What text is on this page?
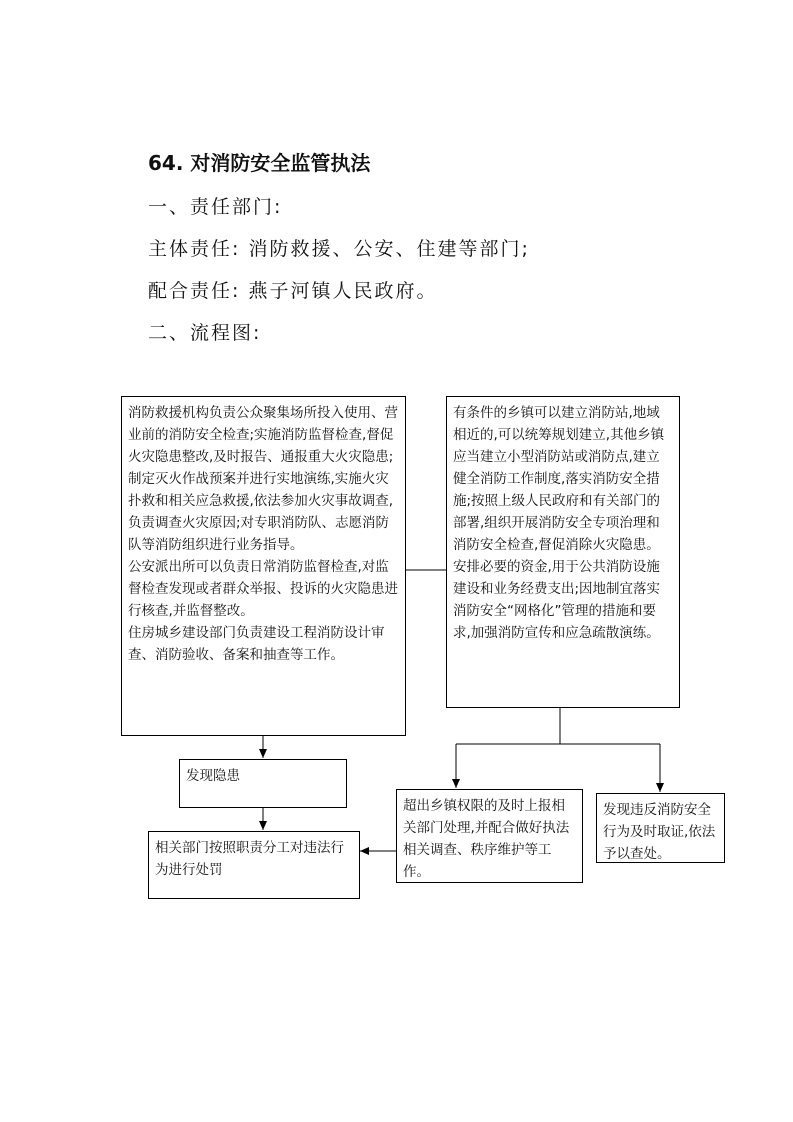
64. 对消防安全监管执法
一、责任部门:
主体责任: 消防救援、公安、住建等部门;
配合责任: 燕子河镇人民政府。
二、流程图:

消防救援机构负责公众聚集场所投入使用、营业前的消防安全检查;实施消防监督检查,督促火灾隐患整改,及时报告、通报重大火灾隐患;制定灭火作战预案并进行实地演练,实施火灾扑救和相关应急救援,依法参加火灾事故调查,负责调查火灾原因;对专职消防队、志愿消防队等消防组织进行业务指导。

公安派出所可以负责日常消防监督检查,对监督检查发现或者群众举报、投诉的火灾隐患进行核查,并监督整改。

住房城乡建设部门负责建设工程消防设计审查、消防验收、备案和抽查等工作。

有条件的乡镇可以建立消防站,地域相近的,可以统筹规划建立,其他乡镇应当建立小型消防站或消防点,建立健全消防工作制度,落实消防安全措施;按照上级人民政府和有关部门的部署,组织开展消防安全专项治理和消防安全检查,督促消除火灾隐患。

安排必要的资金,用于公共消防设施建设和业务经费支出;因地制宜落实消防安全“网格化”管理的措施和要求,加强消防宣传和应急疏散演练。

发现隐患

相关部门按照职责分工对违法行为进行处罚

超出乡镇权限的及时上报相关部门处理,并配合做好执法相关调查、秩序维护等工作。

发现违反消防安全行为及时取证,依法予以查处。
